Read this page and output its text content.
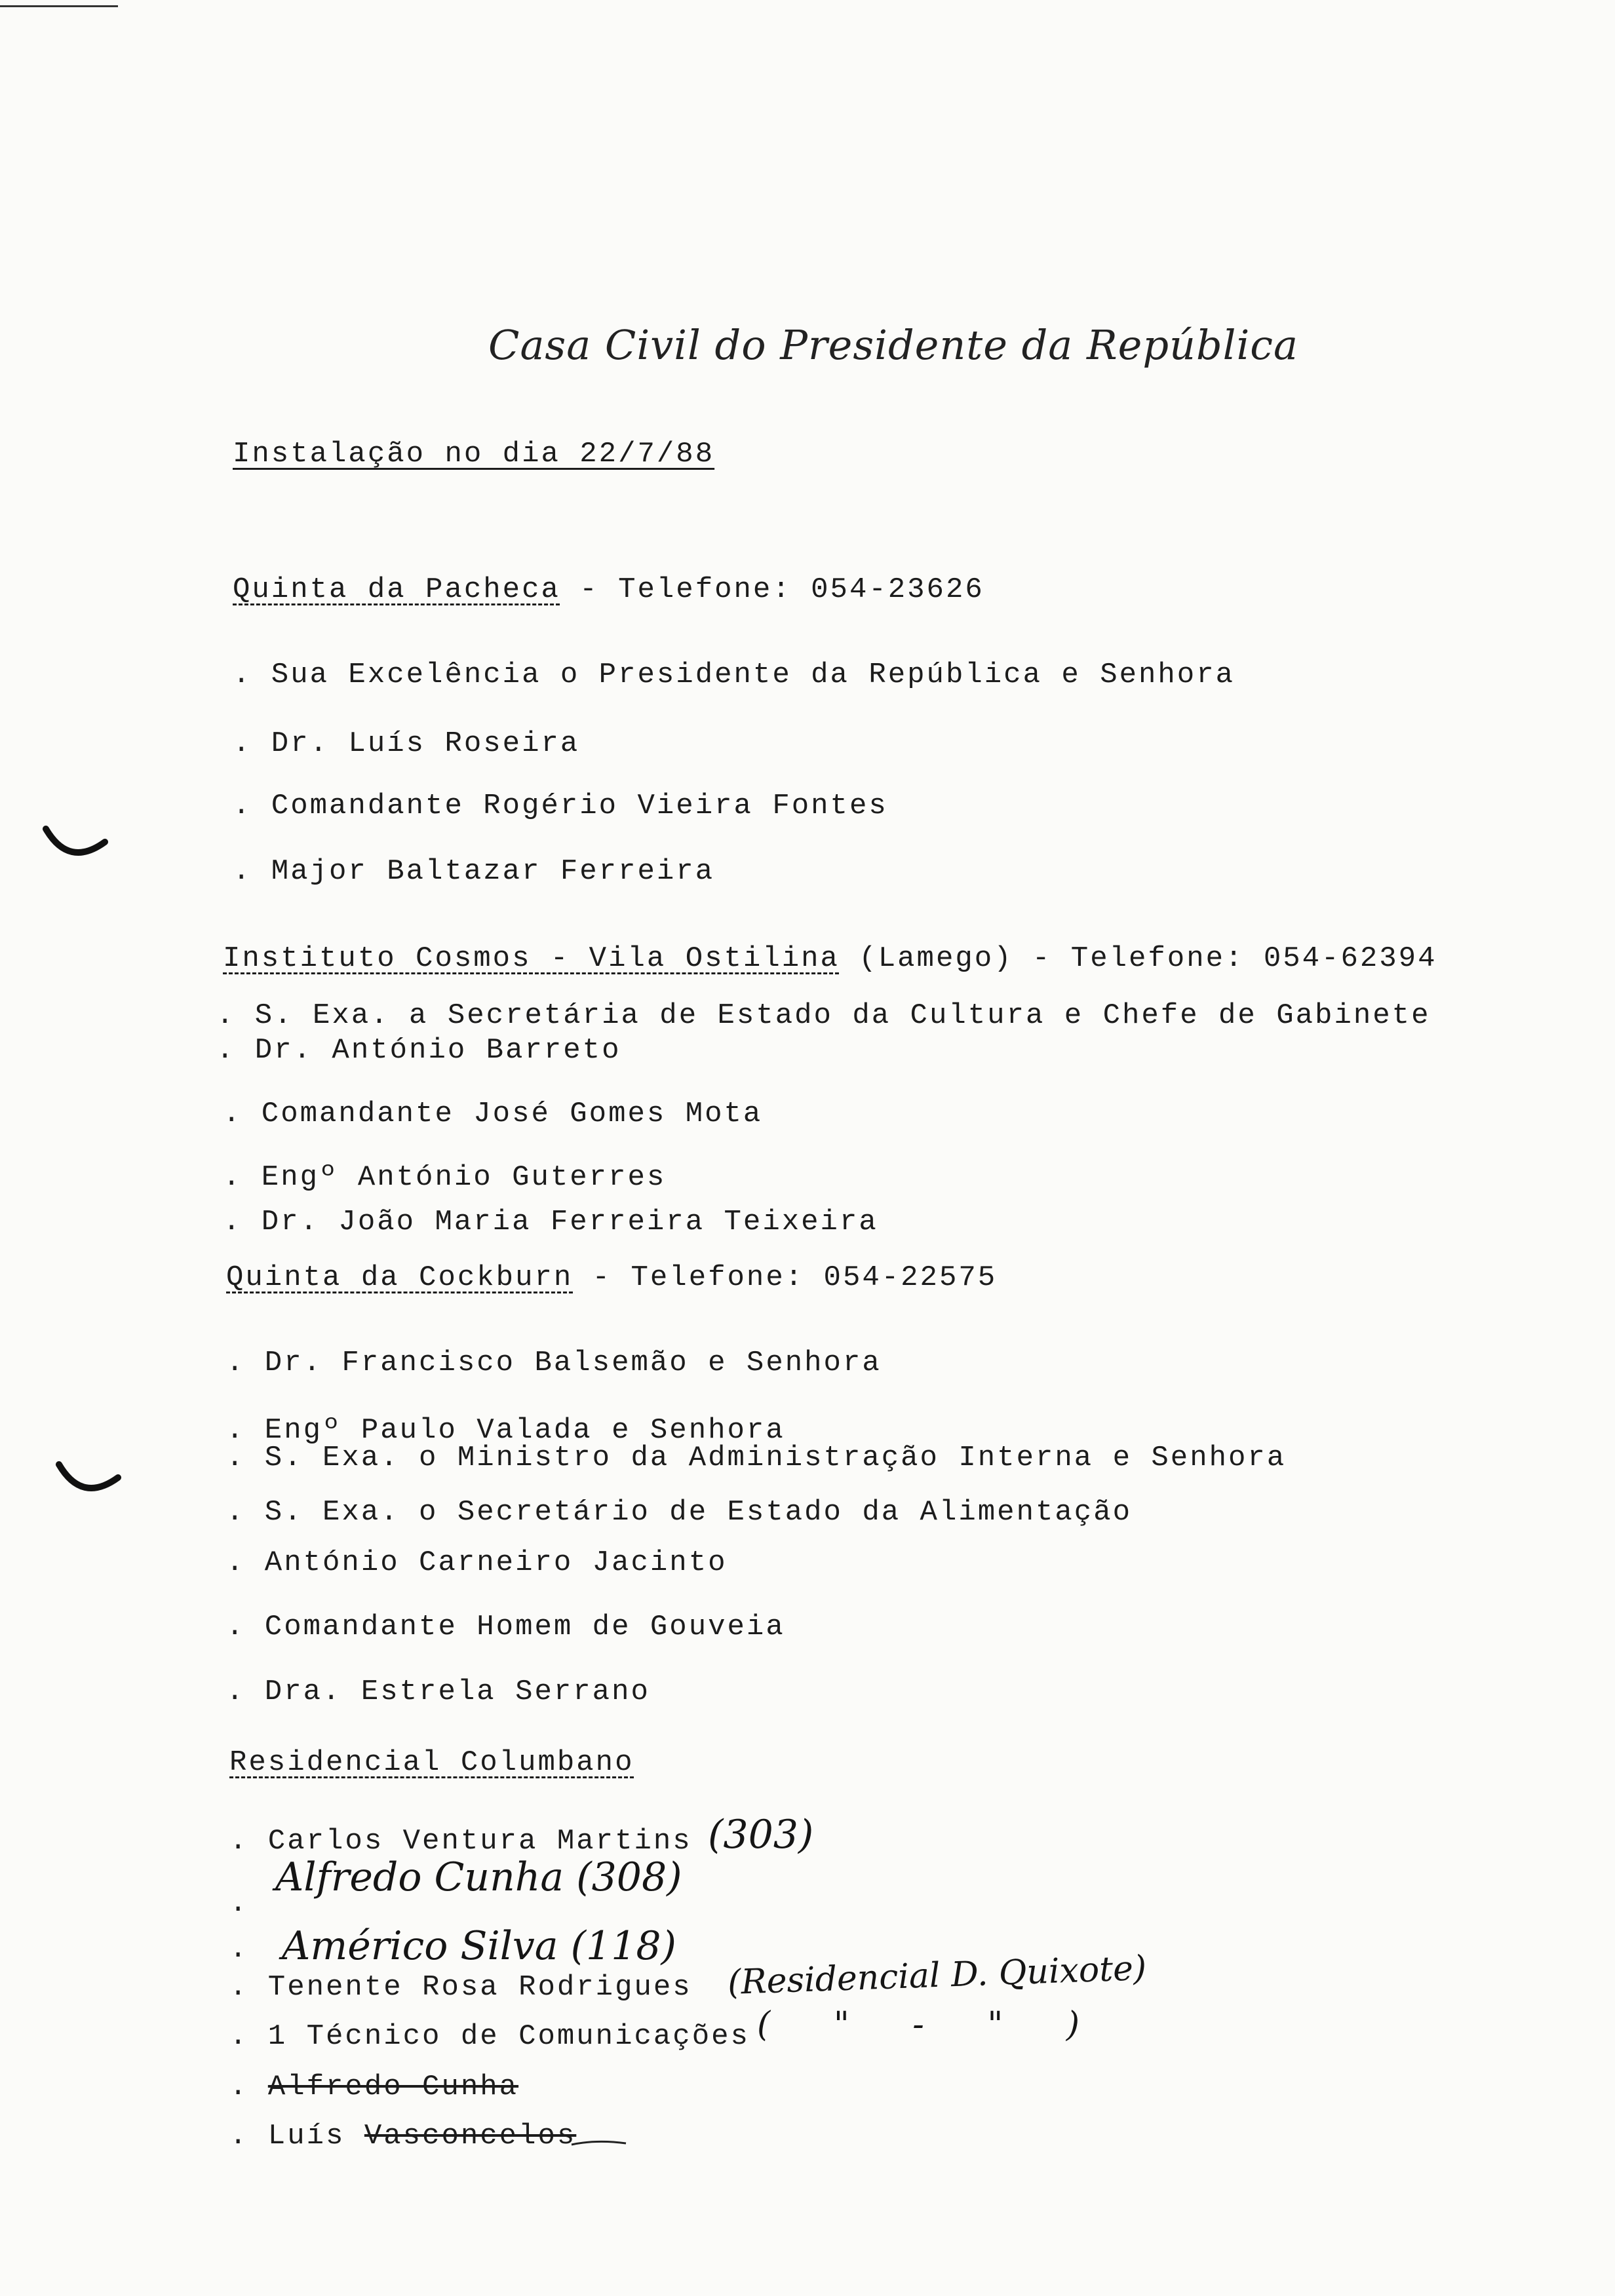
Casa Civil do Presidente da República
Instalação no dia 22/7/88
Quinta da Pacheca - Telefone: 054-23626
. Sua Excelência o Presidente da República e Senhora
. Dr. Luís Roseira
. Comandante Rogério Vieira Fontes
. Major Baltazar Ferreira
Instituto Cosmos - Vila Ostilina (Lamego) - Telefone: 054-62394
. S. Exa. a Secretária de Estado da Cultura e Chefe de Gabinete
. Dr. António Barreto
. Comandante José Gomes Mota
. Engº António Guterres
. Dr. João Maria Ferreira Teixeira
Quinta da Cockburn - Telefone: 054-22575
. Dr. Francisco Balsemão e Senhora
. Engº Paulo Valada e Senhora
. S. Exa. o Ministro da Administração Interna e Senhora
. S. Exa. o Secretário de Estado da Alimentação
. António Carneiro Jacinto
. Comandante Homem de Gouveia
. Dra. Estrela Serrano
Residencial Columbano
. Carlos Ventura Martins
.
.
. Tenente Rosa Rodrigues
. 1 Técnico de Comunicações
. Alfredo Cunha
. Luís Vasconcelos
(303)
Alfredo Cunha (308)
Américo Silva (118)
(Residencial D. Quixote)
( " - " )
